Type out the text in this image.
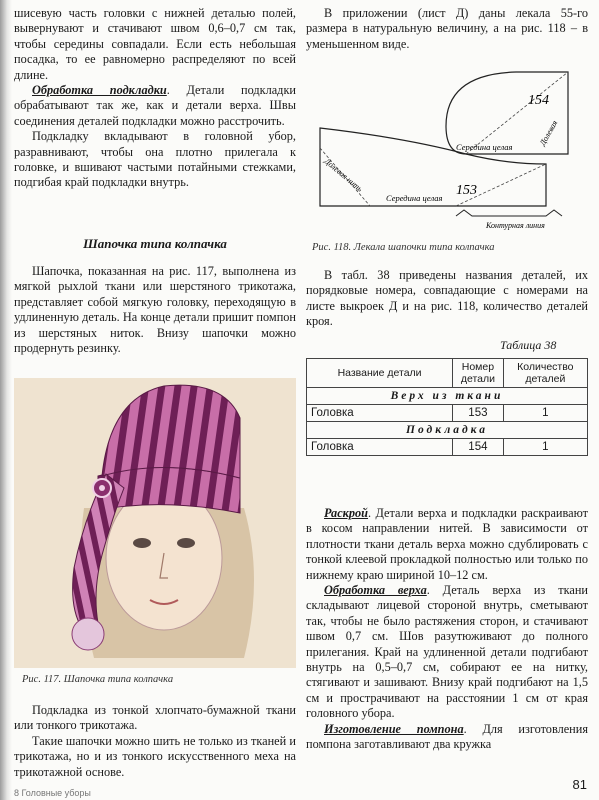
шиcевую часть головки с нижней деталью полей, вывернувают и стачивают швом 0,6–0,7 см так, чтобы середины совпадали. Если есть небольшая посадка, то ее равномерно распределяют по всей длине.

Обработка подкладки. Детали подкладки обрабатывают так же, как и детали верха. Швы соединения деталей подкладки можно расстрочить.

Подкладку вкладывают в головной убор, разравнивают, чтобы она плотно прилегала к головке, и вшивают частыми потайными стежками, подгибая край подкладки внутрь.

Шапочка типа колпачка

Шапочка, показанная на рис. 117, выполнена из мягкой рыхлой ткани или шерстяного трикотажа, представляет собой мягкую головку, переходящую в удлиненную деталь. На конце детали пришит помпон из шерстяных ниток. Внизу шапочки можно продернуть резинку.

Рис. 117. Шапочка типа колпачка

Подкладка из тонкой хлопчато-бумажной ткани или тонкого трикотажа.

Такие шапочки можно шить не только из тканей и трикотажа, но и из тонкого искусственного меха на трикотажной основе.

8 Головные уборы

В приложении (лист Д) даны лекала 55-го размера в натуральную величину, а на рис. 118 – в уменьшенном виде.

154
Середина целая	Долевая
Долевая нить
Середина целая 153
Контурная линия
Рис. 118. Лекала шапочки типа колпачка

В табл. 38 приведены названия деталей, их порядковые номера, совпадающие с номерами на листе выкроек Д и на рис. 118, количество деталей кроя.

Таблица 38
Название детали	Номер детали	Количество деталей
Верх из ткани		
Головка	153	1
Подкладка		
Головка	154	1

Раскрой. Детали верха и подкладки раскраивают в косом направлении нитей. В зависимости от плотности ткани деталь верха можно сдублировать с тонкой клеевой прокладкой полностью или только по нижнему краю шириной 10–12 см.

Обработка верха. Деталь верха из ткани складывают лицевой стороной внутрь, сметывают так, чтобы не было растяжения сторон, и стачивают швом 0,7 см. Шов разутюживают до полного прилегания. Край на удлиненной детали подгибают внутрь на 0,5–0,7 см, собирают ее на нитку, стягивают и зашивают. Внизу край подгибают на 1,5 см и прострачивают на расстоянии 1 см от края головного убора.

Изготовление помпона. Для изготовления помпона заготавливают два кружка

81
